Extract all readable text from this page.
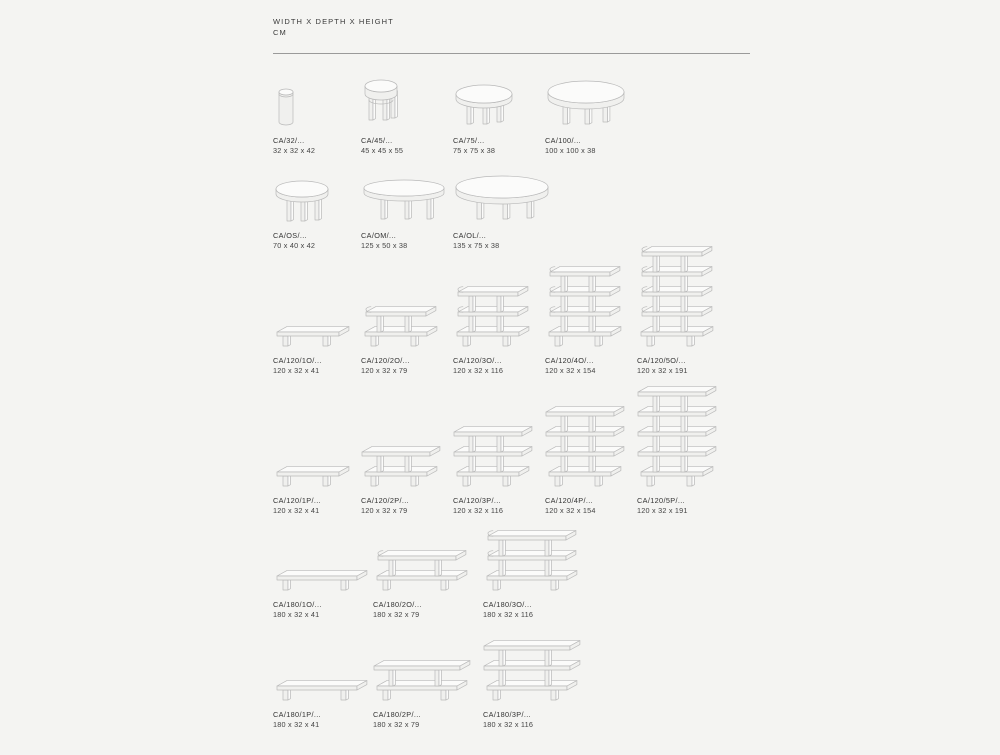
WIDTH X DEPTH X HEIGHT
CM
CA/32/...
32 x 32 x 42
CA/45/...
45 x 45 x 55
CA/75/...
75 x 75 x 38
CA/100/...
100 x 100 x 38
CA/OS/...
70 x 40 x 42
CA/OM/...
125 x 50 x 38
CA/OL/...
135 x 75 x 38
CA/120/1O/...
120 x 32 x 41
CA/120/2O/...
120 x 32 x 79
CA/120/3O/...
120 x 32 x 116
CA/120/4O/...
120 x 32 x 154
CA/120/5O/...
120 x 32 x 191
CA/120/1P/...
120 x 32 x 41
CA/120/2P/...
120 x 32 x 79
CA/120/3P/...
120 x 32 x 116
CA/120/4P/...
120 x 32 x 154
CA/120/5P/...
120 x 32 x 191
CA/180/1O/...
180 x 32 x 41
CA/180/2O/...
180 x 32 x 79
CA/180/3O/...
180 x 32 x 116
CA/180/1P/...
180 x 32 x 41
CA/180/2P/...
180 x 32 x 79
CA/180/3P/...
180 x 32 x 116
